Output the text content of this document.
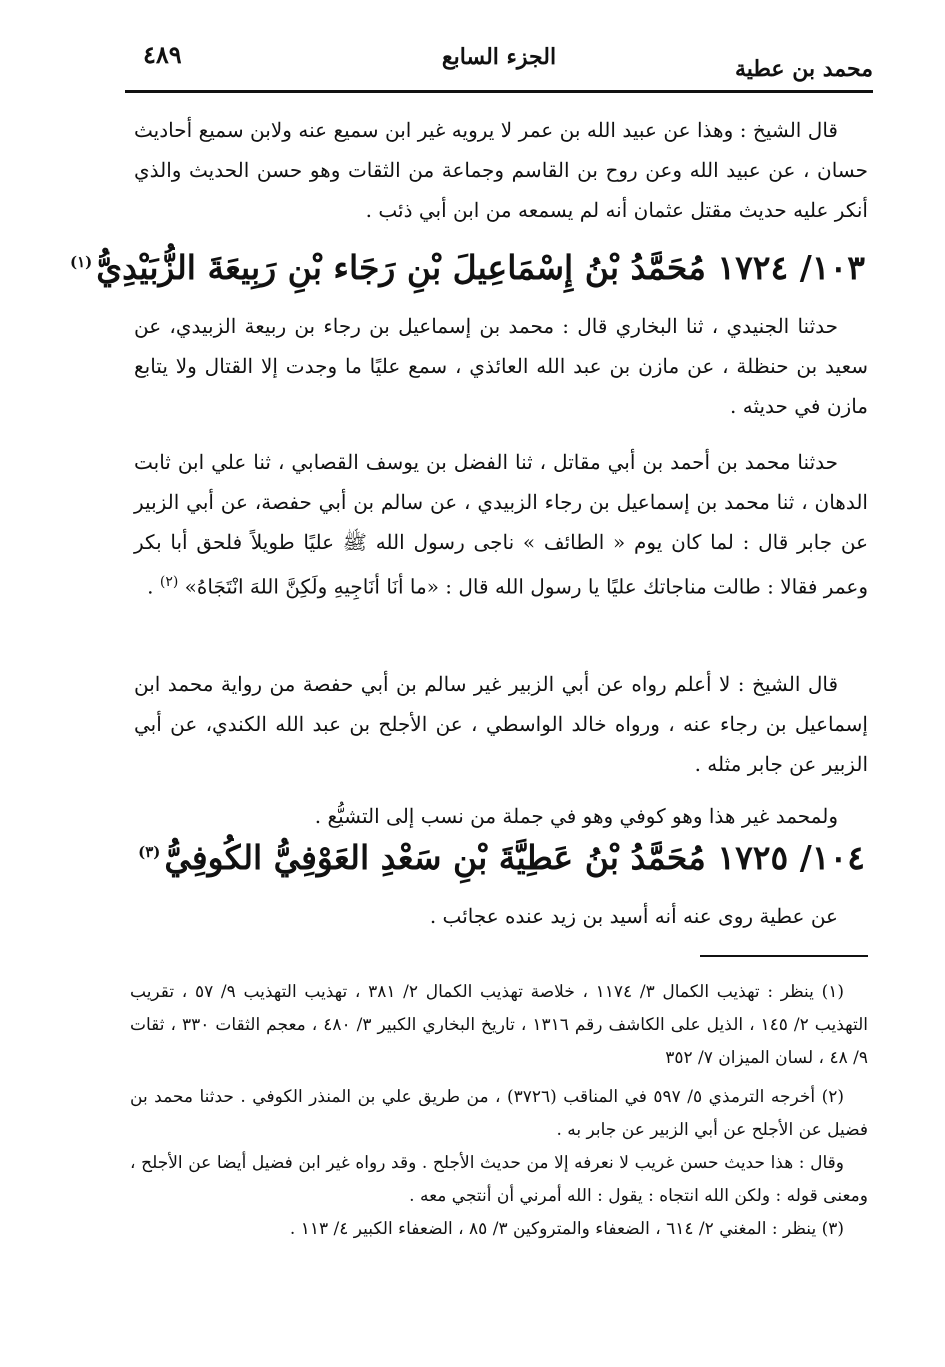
٤٨٩	الجزء السابع	محمد بن عطية

قال الشيخ : وهذا عن عبيد الله بن عمر لا يرويه غير ابن سميع عنه ولابن سميع أحاديث حسان ، عن عبيد الله وعن روح بن القاسم وجماعة من الثقات وهو حسن الحديث والذي أنكر عليه حديث مقتل عثمان أنه لم يسمعه من ابن أبي ذئب .

١٠٣/ ١٧٢٤ مُحَمَّدُ بْنُ إِسْمَاعِيلَ بْنِ رَجَاء بْنِ رَبِيعَةَ الزُّبَيْدِيُّ$^{(١)}$

حدثنا الجنيدي ، ثنا البخاري قال : محمد بن إسماعيل بن رجاء بن ربيعة الزبيدي، عن سعيد بن حنظلة ، عن مازن بن عبد الله العائذي ، سمع عليًا ما وجدت إلا القتال ولا يتابع مازن في حديثه .

حدثنا محمد بن أحمد بن أبي مقاتل ، ثنا الفضل بن يوسف القصابي ، ثنا علي ابن ثابت الدهان ، ثنا محمد بن إسماعيل بن رجاء الزبيدي ، عن سالم بن أبي حفصة، عن أبي الزبير عن جابر قال : لما كان يوم « الطائف » ناجى رسول الله ﷺ عليًا طويلاً فلحق أبا بكر وعمر فقالا : طالت مناجاتك عليًا يا رسول الله قال : «ما أنَا أنَاجِيهِ ولَكِنَّ اللهَ انْتَجَاهُ» $^{(٢)}$ .

قال الشيخ : لا أعلم رواه عن أبي الزبير غير سالم بن أبي حفصة من رواية محمد ابن إسماعيل بن رجاء عنه ، ورواه خالد الواسطي ، عن الأجلح بن عبد الله الكندي، عن أبي الزبير عن جابر مثله .

ولمحمد غير هذا وهو كوفي وهو في جملة من نسب إلى التشيُّع .

١٠٤/ ١٧٢٥ مُحَمَّدُ بْنُ عَطِيَّةَ بْنِ سَعْدِ العَوْفِيُّ الكُوفِيُّ$^{(٣)}$

عن عطية روى عنه أنه أسيد بن زيد عنده عجائب .

(١) ينظر : تهذيب الكمال ٣/ ١١٧٤ ، خلاصة تهذيب الكمال ٢/ ٣٨١ ، تهذيب التهذيب ٩/ ٥٧ ، تقريب التهذيب ٢/ ١٤٥ ، الذيل على الكاشف رقم ١٣١٦ ، تاريخ البخاري الكبير ٣/ ٤٨٠ ، معجم الثقات ٣٣٠ ، ثقات ٩/ ٤٨ ، لسان الميزان ٧/ ٣٥٢

(٢) أخرجه الترمذي ٥/ ٥٩٧ في المناقب (٣٧٢٦) ، من طريق علي بن المنذر الكوفي . حدثنا محمد بن فضيل عن الأجلح عن أبي الزبير عن جابر به .

وقال : هذا حديث حسن غريب لا نعرفه إلا من حديث الأجلح . وقد رواه غير ابن فضيل أيضا عن الأجلح ، ومعنى قوله : ولكن الله انتجاه : يقول : الله أمرني أن أنتجي معه .

(٣) ينظر : المغني ٢/ ٦١٤ ، الضعفاء والمتروكين ٣/ ٨٥ ، الضعفاء الكبير ٤/ ١١٣ .
